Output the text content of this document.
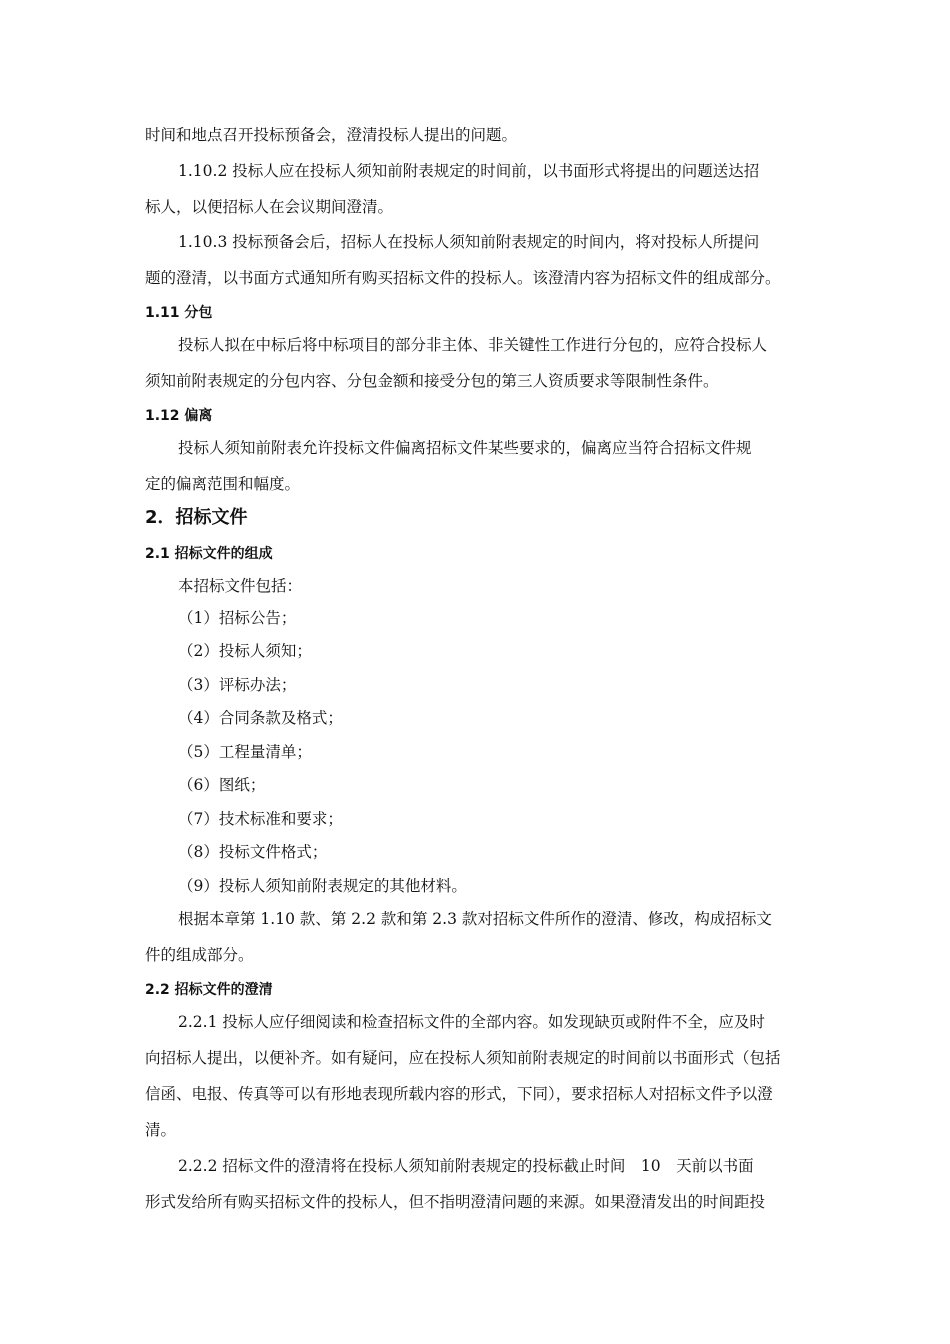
时间和地点召开投标预备会，澄清投标人提出的问题。
1.10.2 投标人应在投标人须知前附表规定的时间前，以书面形式将提出的问题送达招
标人，以便招标人在会议期间澄清。
1.10.3 投标预备会后，招标人在投标人须知前附表规定的时间内，将对投标人所提问
题的澄清，以书面方式通知所有购买招标文件的投标人。该澄清内容为招标文件的组成部分。
1.11 分包
投标人拟在中标后将中标项目的部分非主体、非关键性工作进行分包的，应符合投标人
须知前附表规定的分包内容、分包金额和接受分包的第三人资质要求等限制性条件。
1.12 偏离
投标人须知前附表允许投标文件偏离招标文件某些要求的，偏离应当符合招标文件规
定的偏离范围和幅度。
2．招标文件
2.1 招标文件的组成
本招标文件包括：
（1）招标公告；
（2）投标人须知；
（3）评标办法；
（4）合同条款及格式；
（5）工程量清单；
（6）图纸；
（7）技术标准和要求；
（8）投标文件格式；
（9）投标人须知前附表规定的其他材料。
根据本章第 1.10 款、第 2.2 款和第 2.3 款对招标文件所作的澄清、修改，构成招标文
件的组成部分。
2.2 招标文件的澄清
2.2.1 投标人应仔细阅读和检查招标文件的全部内容。如发现缺页或附件不全，应及时
向招标人提出，以便补齐。如有疑问，应在投标人须知前附表规定的时间前以书面形式（包括
信函、电报、传真等可以有形地表现所载内容的形式，下同），要求招标人对招标文件予以澄
清。
2.2.2 招标文件的澄清将在投标人须知前附表规定的投标截止时间　10　天前以书面
形式发给所有购买招标文件的投标人，但不指明澄清问题的来源。如果澄清发出的时间距投
